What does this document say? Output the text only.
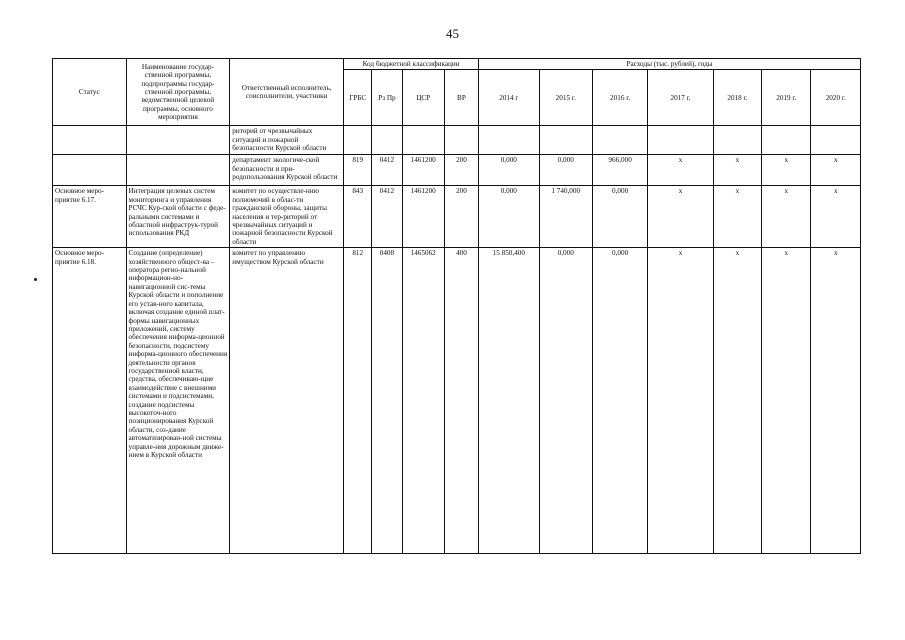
45
Статус	Наименование государ-ственной программы, подпрограммы государ-ственной программы, ведомственной целевой программы, основного мероприятия	Ответственный исполнитель, соисполнители, участники	Код бюджетной классификации				Расходы (тыс. рублей), годы						
			ГРБС	Рз Пр	ЦСР	ВР	2014 г	2015 г.	2016 г.	2017 г.	2018 г.	2019 г.	2020 г.
		риторий от чрезвычайных ситуаций и пожарной безопасности Курской области											
		департамент экологиче-ской безопасности и при-родопользования Курской области	819	0412	1461200	200	0,000	0,000	966,000	x	x	x	x
Основное меро-приятие 6.17.	Интеграция целевых систем мониторинга и управления РСЧС Кур-ской области с феде-ральными системами и областной инфраструк-турой использования РКД	комитет по осуществле-нию полномочий в облас-ти гражданской обороны, защиты населения и тер-риторий от чрезвычайных ситуаций и пожарной безопасности Курской области	843	0412	1461200	200	0,000	1 740,000	0,000	x	x	x	x
Основное меро-приятие 6.18.	Создание (определение) хозяйственного общест-ва – оператора регио-нальной информацион-но-навигационной сис-темы Курской области и пополнение его устав-ного капитала, включая создание единой плат-формы навигационных приложений, систему обеспечения информа-ционной безопасности, подсистему информа-ционного обеспечения деятельности органов государственной власти, средства, обеспечиваю-щие взаимодействие с внешними системами и подсистемами, создание подсистемы высокоточ-ного позиционирования Курской области, соз-дание автоматизирован-ной системы управле-ния дорожным движе-нием в Курской области	комитет по управлению имуществом Курской области	812	0408	1465062	400	15 850,400	0,000	0,000	x	x	x	x
